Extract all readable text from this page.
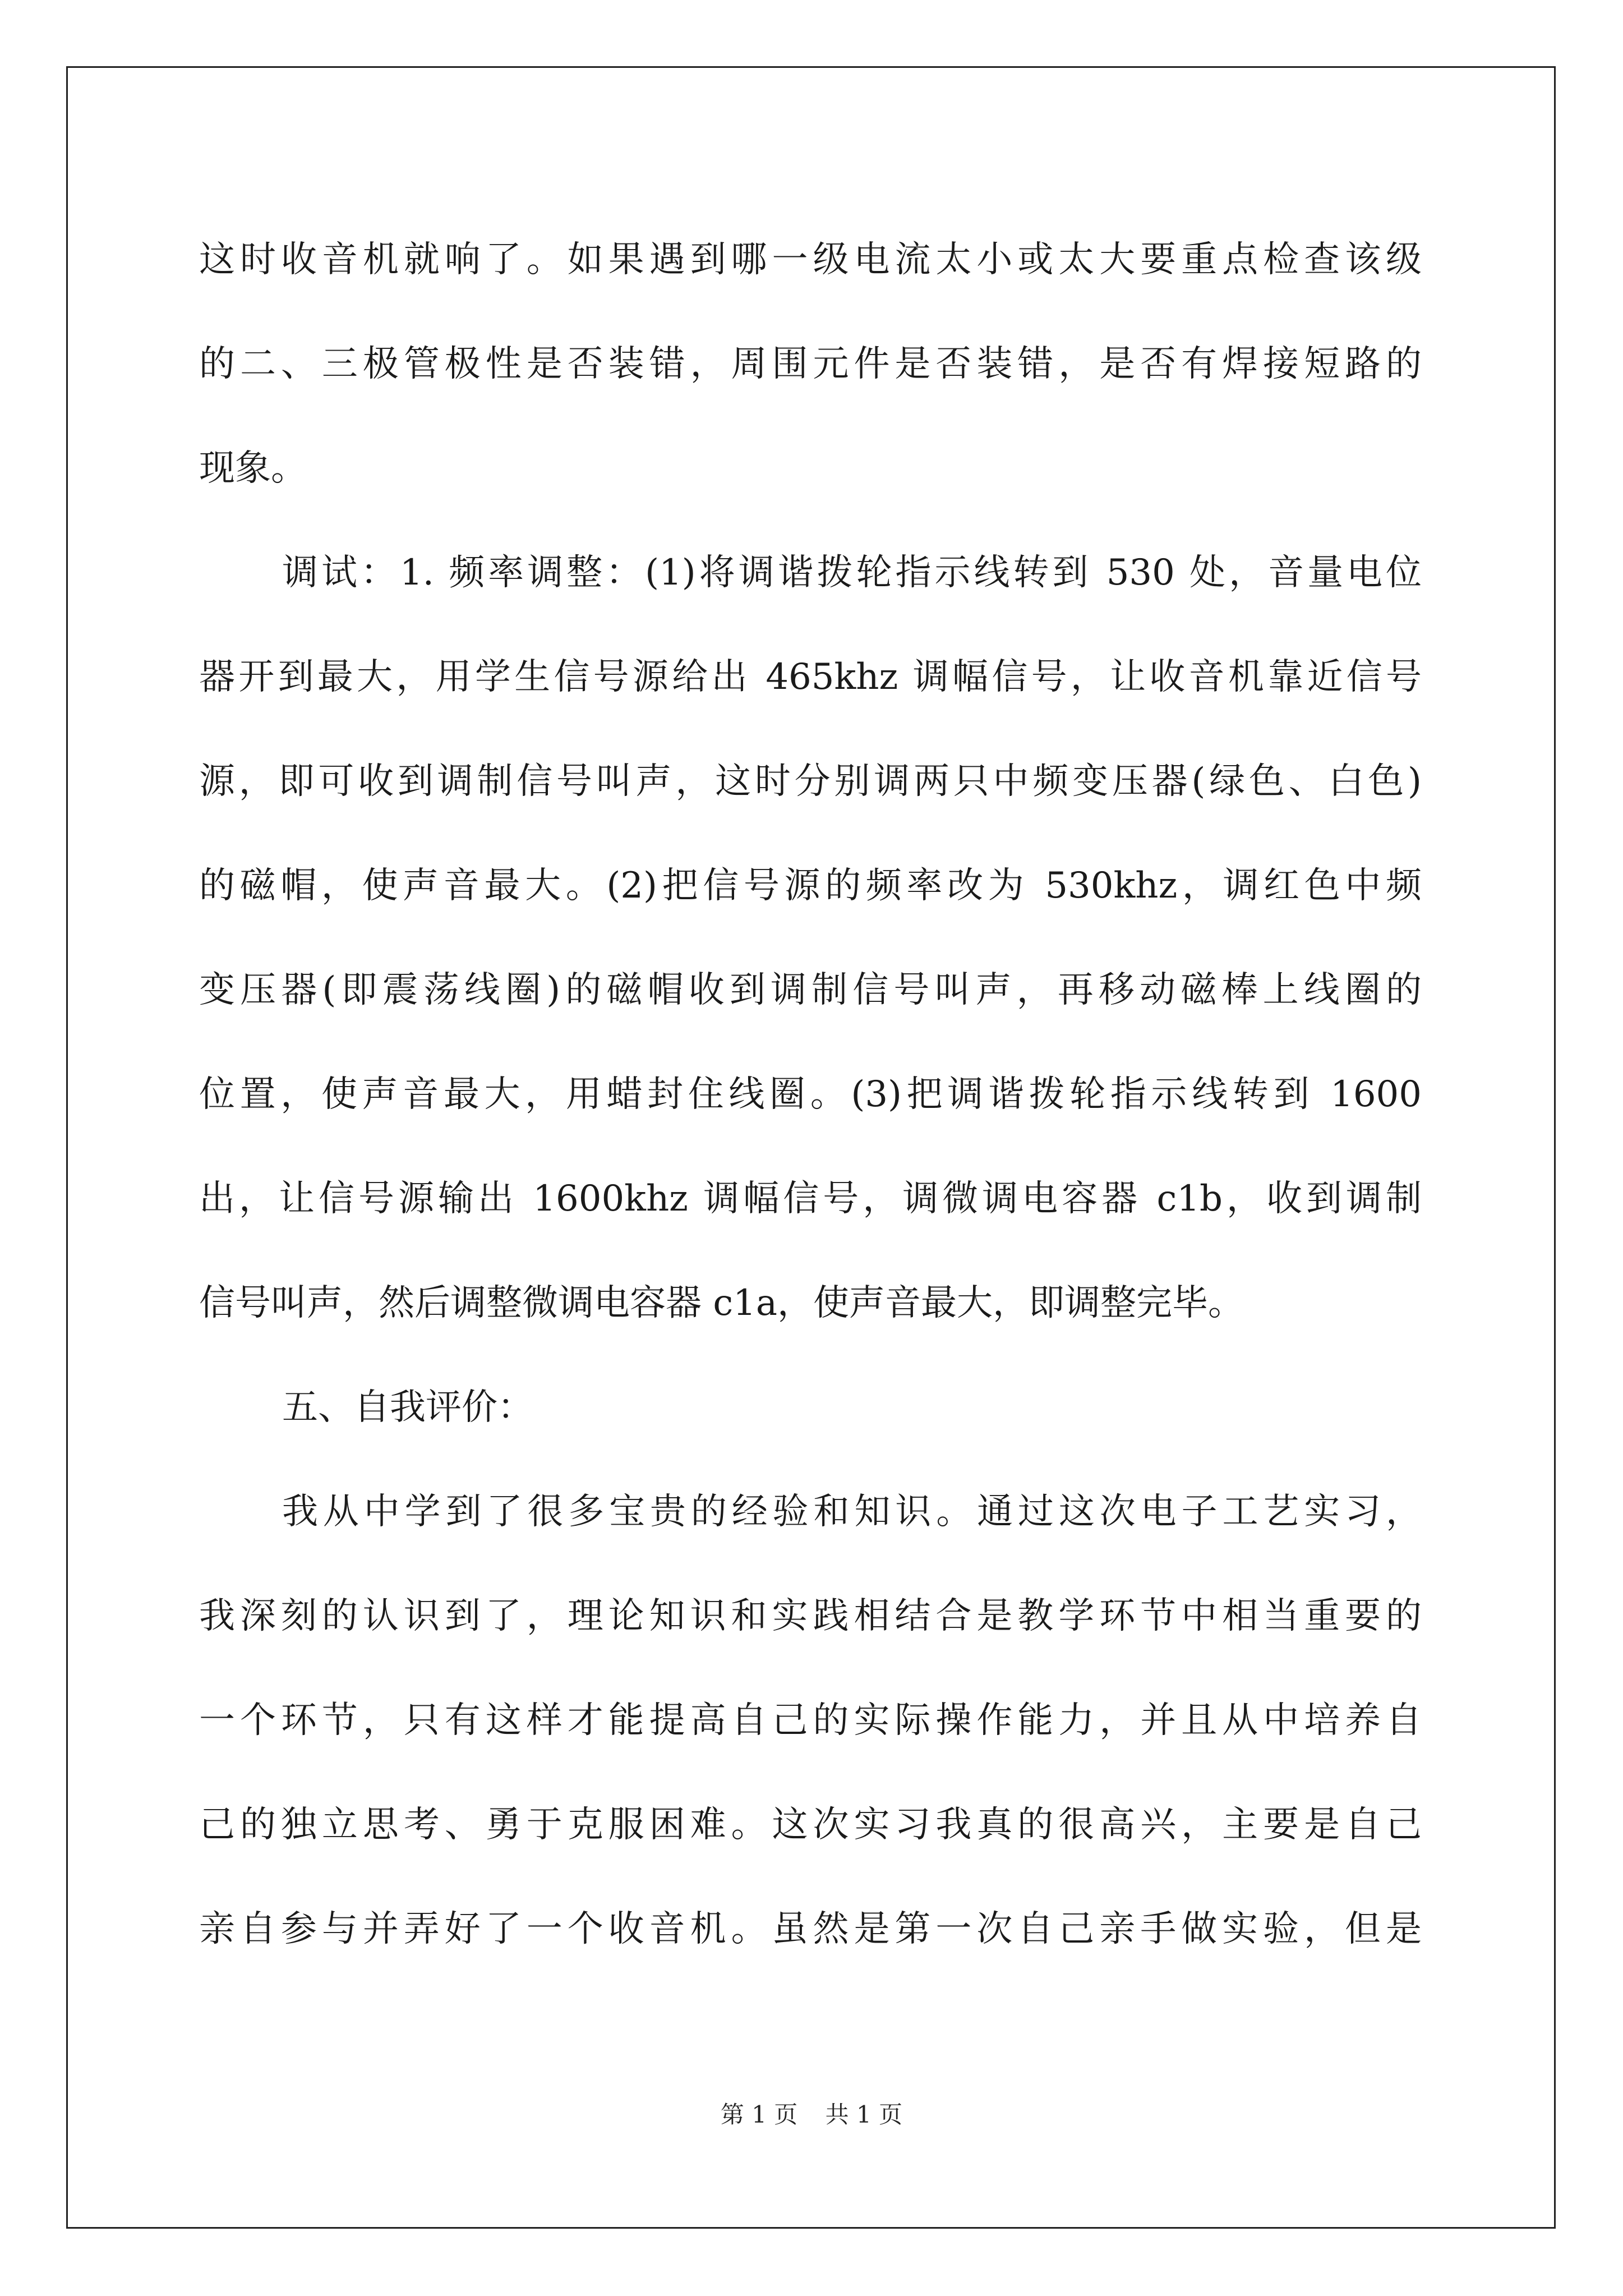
这时收音机就响了。如果遇到哪一级电流太小或太大要重点检查该级
的二、三极管极性是否装错，周围元件是否装错，是否有焊接短路的
现象。
调试：1. 频率调整：(1)将调谐拨轮指示线转到 530 处，音量电位
器开到最大，用学生信号源给出 465khz 调幅信号，让收音机靠近信号
源，即可收到调制信号叫声，这时分别调两只中频变压器(绿色、白色)
的磁帽，使声音最大。(2)把信号源的频率改为 530khz，调红色中频
变压器(即震荡线圈)的磁帽收到调制信号叫声，再移动磁棒上线圈的
位置，使声音最大，用蜡封住线圈。(3)把调谐拨轮指示线转到 1600
出，让信号源输出 1600khz 调幅信号，调微调电容器 c1b，收到调制
信号叫声，然后调整微调电容器 c1a，使声音最大，即调整完毕。
五、自我评价：
我从中学到了很多宝贵的经验和知识。通过这次电子工艺实习，
我深刻的认识到了，理论知识和实践相结合是教学环节中相当重要的
一个环节，只有这样才能提高自己的实际操作能力，并且从中培养自
己的独立思考、勇于克服困难。这次实习我真的很高兴，主要是自己
亲自参与并弄好了一个收音机。虽然是第一次自己亲手做实验，但是
第 1 页 共 1 页
